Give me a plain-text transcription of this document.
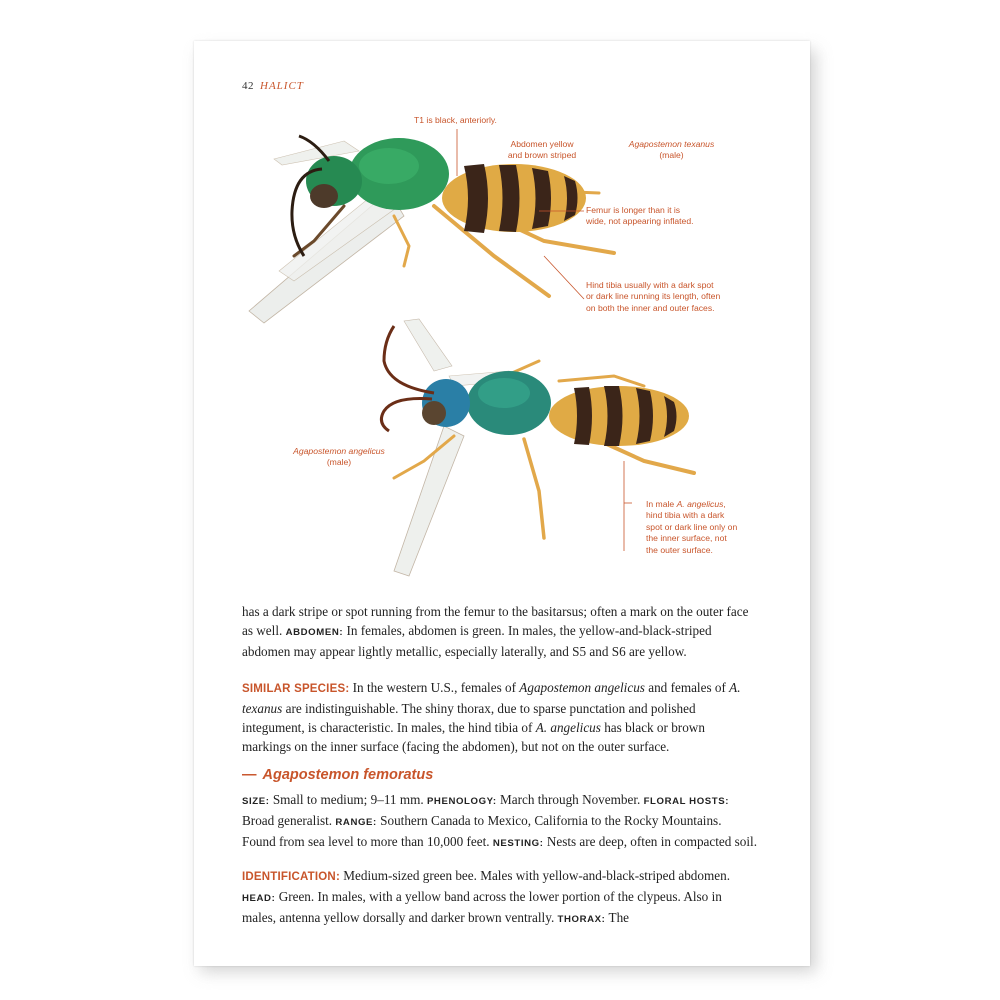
42 HALICT
T1 is black, anteriorly.
Abdomen yellow
and brown striped
Agapostemon texanus
(male)
Femur is longer than it is
wide, not appearing inflated.
Hind tibia usually with a dark spot
or dark line running its length, often
on both the inner and outer faces.
Agapostemon angelicus
(male)
In male A. angelicus,
hind tibia with a dark
spot or dark line only on
the inner surface, not
the outer surface.
has a dark stripe or spot running from the femur to the basitarsus; often a mark on the outer face as well. ABDOMEN: In females, abdomen is green. In males, the yellow-and-black-striped abdomen may appear lightly metallic, especially laterally, and S5 and S6 are yellow.
SIMILAR SPECIES: In the western U.S., females of Agapostemon angelicus and females of A. texanus are indistinguishable. The shiny thorax, due to sparse punctation and polished integument, is characteristic. In males, the hind tibia of A. angelicus has black or brown markings on the inner surface (facing the abdomen), but not on the outer surface.
— Agapostemon femoratus
SIZE: Small to medium; 9–11 mm. PHENOLOGY: March through November. FLORAL HOSTS: Broad generalist. RANGE: Southern Canada to Mexico, California to the Rocky Mountains. Found from sea level to more than 10,000 feet. NESTING: Nests are deep, often in compacted soil.
IDENTIFICATION: Medium-sized green bee. Males with yellow-and-black-striped abdomen. HEAD: Green. In males, with a yellow band across the lower portion of the clypeus. Also in males, antenna yellow dorsally and darker brown ventrally. THORAX: The
